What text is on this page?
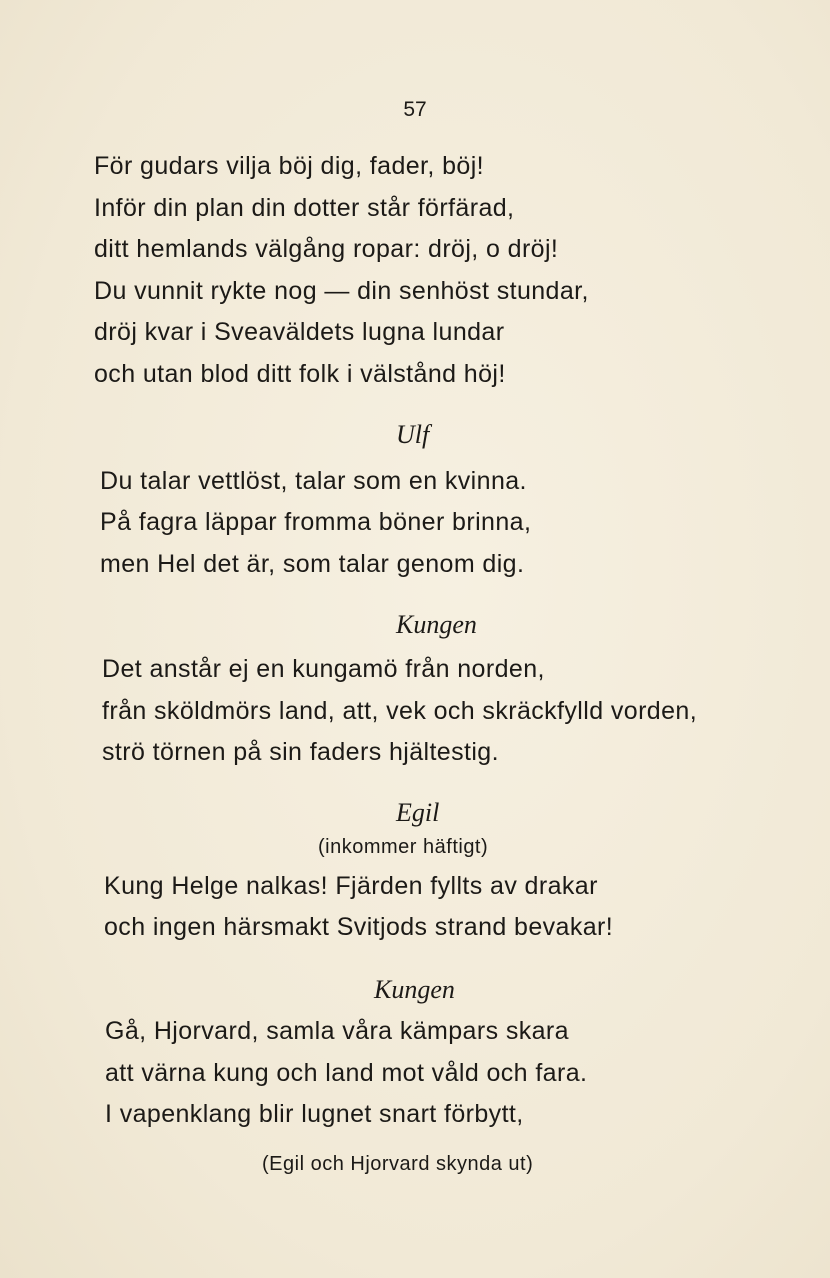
57
För gudars vilja böj dig, fader, böj!
Inför din plan din dotter står förfärad,
ditt hemlands välgång ropar: dröj, o dröj!
Du vunnit rykte nog — din senhöst stundar,
dröj kvar i Sveaväldets lugna lundar
och utan blod ditt folk i välstånd höj!
Ulf
Du talar vettlöst, talar som en kvinna.
På fagra läppar fromma böner brinna,
men Hel det är, som talar genom dig.
Kungen
Det anstår ej en kungamö från norden,
från sköldmörs land, att, vek och skräckfylld vorden,
strö törnen på sin faders hjältestig.
Egil
(inkommer häftigt)
Kung Helge nalkas! Fjärden fyllts av drakar
och ingen härsmakt Svitjods strand bevakar!
Kungen
Gå, Hjorvard, samla våra kämpars skara
att värna kung och land mot våld och fara.
I vapenklang blir lugnet snart förbytt,
(Egil och Hjorvard skynda ut)
